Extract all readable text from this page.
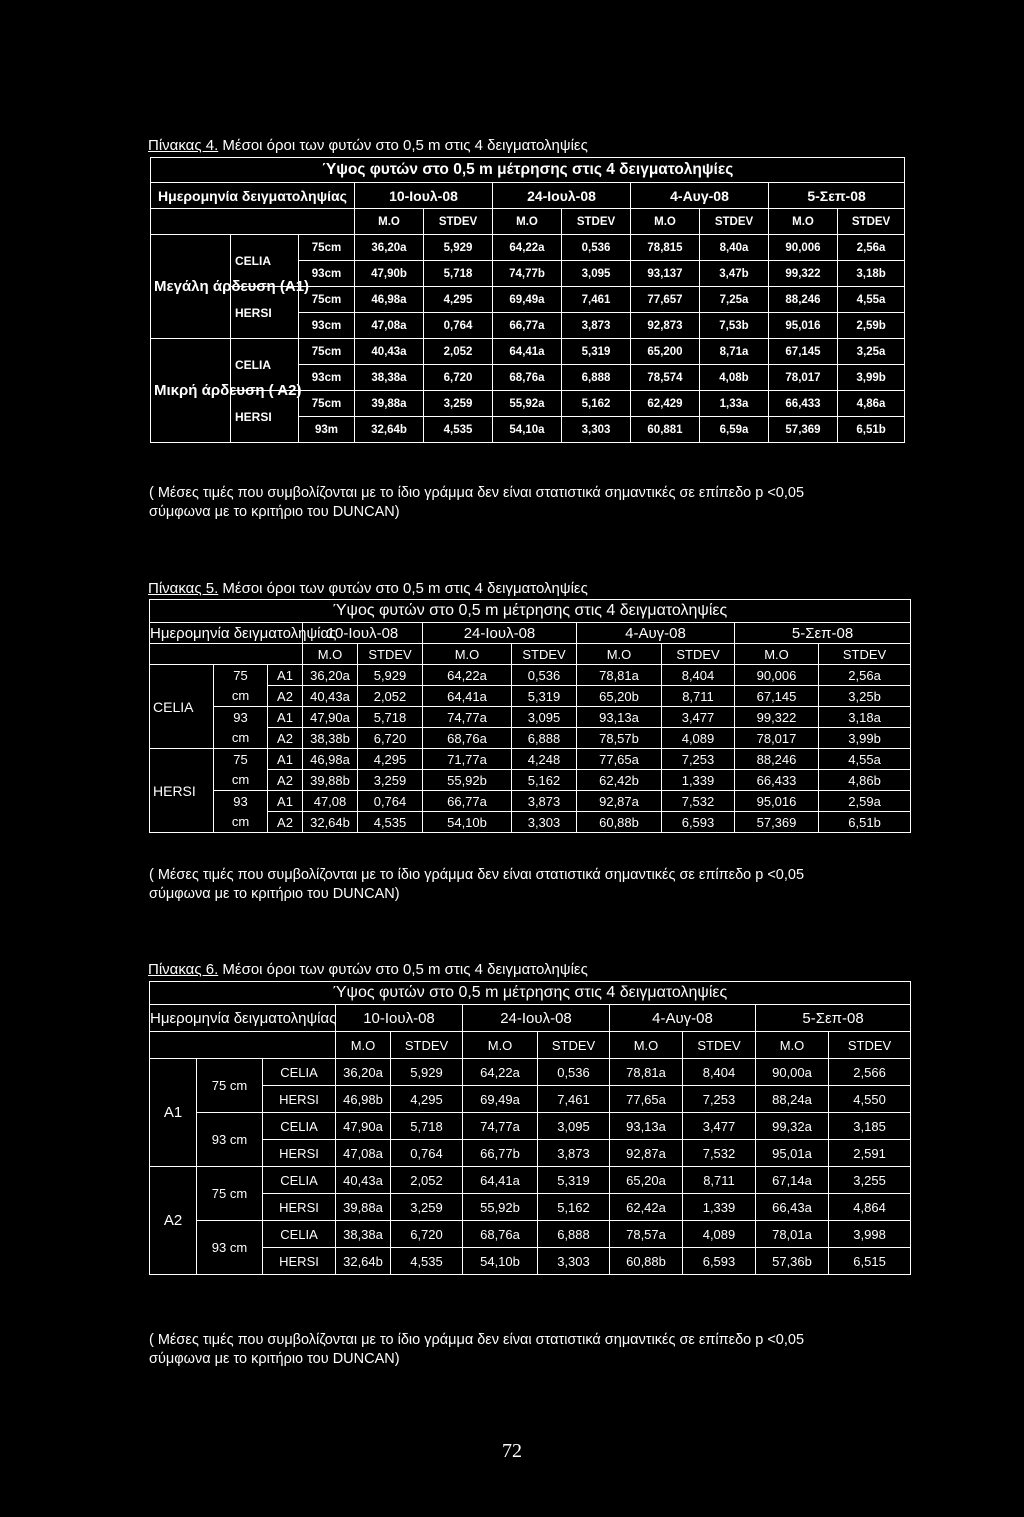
Πίνακας 4. Μέσοι όροι των φυτών στο 0,5 m στις 4 δειγματοληψίες
Ύψος φυτών στο 0,5 m μέτρησης στις 4 δειγματοληψίες										
Ημερομηνία δειγματοληψίας			10-Ιουλ-08		24-Ιουλ-08		4-Αυγ-08		5-Σεπ-08	
			Μ.Ο	STDEV	Μ.Ο	STDEV	Μ.Ο	STDEV	Μ.Ο	STDEV
Μεγάλη άρδευση (Α1)	CELIA	75cm	36,20a	5,929	64,22a	0,536	78,815	8,40a	90,006	2,56a
		93cm	47,90b	5,718	74,77b	3,095	93,137	3,47b	99,322	3,18b
	HERSI	75cm	46,98a	4,295	69,49a	7,461	77,657	7,25a	88,246	4,55a
		93cm	47,08a	0,764	66,77a	3,873	92,873	7,53b	95,016	2,59b
Μικρή άρδευση ( Α2)	CELIA	75cm	40,43a	2,052	64,41a	5,319	65,200	8,71a	67,145	3,25a
		93cm	38,38a	6,720	68,76a	6,888	78,574	4,08b	78,017	3,99b
	HERSI	75cm	39,88a	3,259	55,92a	5,162	62,429	1,33a	66,433	4,86a
		93m	32,64b	4,535	54,10a	3,303	60,881	6,59a	57,369	6,51b
( Μέσες τιμές που συμβολίζονται με το ίδιο γράμμα δεν είναι στατιστικά σημαντικές σε επίπεδο p <0,05
σύμφωνα με το κριτήριο του DUNCAN)
Πίνακας 5. Μέσοι όροι των φυτών στο 0,5 m στις 4 δειγματοληψίες
Ύψος φυτών στο 0,5 m μέτρησης στις 4 δειγματοληψίες										
Ημερομηνία δειγματοληψίας			10-Ιουλ-08		24-Ιουλ-08		4-Αυγ-08		5-Σεπ-08	
			Μ.Ο	STDEV	Μ.Ο	STDEV	Μ.Ο	STDEV	Μ.Ο	STDEV
CELIA	75	Α1	36,20a	5,929	64,22a	0,536	78,81a	8,404	90,006	2,56a
	cm	Α2	40,43a	2,052	64,41a	5,319	65,20b	8,711	67,145	3,25b
	93	Α1	47,90a	5,718	74,77a	3,095	93,13a	3,477	99,322	3,18a
	cm	Α2	38,38b	6,720	68,76a	6,888	78,57b	4,089	78,017	3,99b
HERSI	75	Α1	46,98a	4,295	71,77a	4,248	77,65a	7,253	88,246	4,55a
	cm	Α2	39,88b	3,259	55,92b	5,162	62,42b	1,339	66,433	4,86b
	93	Α1	47,08	0,764	66,77a	3,873	92,87a	7,532	95,016	2,59a
	cm	Α2	32,64b	4,535	54,10b	3,303	60,88b	6,593	57,369	6,51b
( Μέσες τιμές που συμβολίζονται με το ίδιο γράμμα δεν είναι στατιστικά σημαντικές σε επίπεδο p <0,05
σύμφωνα με το κριτήριο του DUNCAN)
Πίνακας 6. Μέσοι όροι των φυτών στο 0,5 m στις 4 δειγματοληψίες
Ύψος φυτών στο 0,5 m μέτρησης στις 4 δειγματοληψίες										
Ημερομηνία δειγματοληψίας			10-Ιουλ-08		24-Ιουλ-08		4-Αυγ-08		5-Σεπ-08	
			Μ.Ο	STDEV	Μ.Ο	STDEV	Μ.Ο	STDEV	Μ.Ο	STDEV
Α1	75 cm	CELIA	36,20a	5,929	64,22a	0,536	78,81a	8,404	90,00a	2,566
		HERSI	46,98b	4,295	69,49a	7,461	77,65a	7,253	88,24a	4,550
	93 cm	CELIA	47,90a	5,718	74,77a	3,095	93,13a	3,477	99,32a	3,185
		HERSI	47,08a	0,764	66,77b	3,873	92,87a	7,532	95,01a	2,591
Α2	75 cm	CELIA	40,43a	2,052	64,41a	5,319	65,20a	8,711	67,14a	3,255
		HERSI	39,88a	3,259	55,92b	5,162	62,42a	1,339	66,43a	4,864
	93 cm	CELIA	38,38a	6,720	68,76a	6,888	78,57a	4,089	78,01a	3,998
		HERSI	32,64b	4,535	54,10b	3,303	60,88b	6,593	57,36b	6,515
( Μέσες τιμές που συμβολίζονται με το ίδιο γράμμα δεν είναι στατιστικά σημαντικές σε επίπεδο p <0,05
σύμφωνα με το κριτήριο του DUNCAN)
72
